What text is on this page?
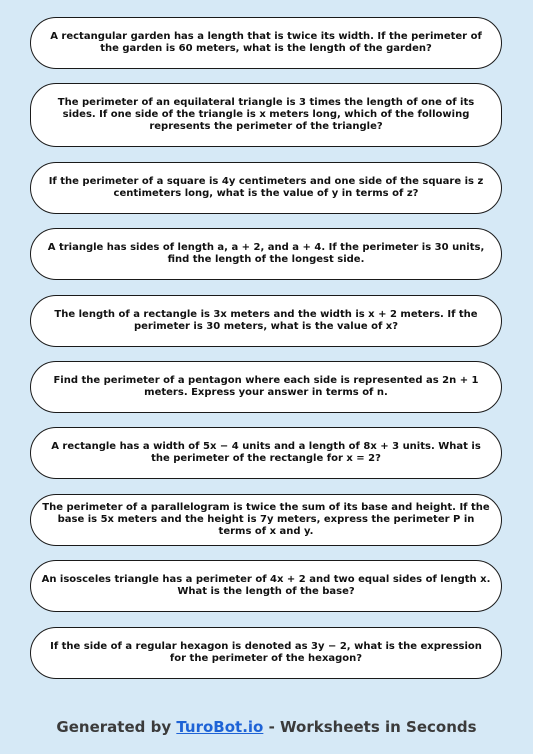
A rectangular garden has a length that is twice its width. If the perimeter of the garden is 60 meters, what is the length of the garden?
The perimeter of an equilateral triangle is 3 times the length of one of its sides. If one side of the triangle is x meters long, which of the following represents the perimeter of the triangle?
If the perimeter of a square is 4y centimeters and one side of the square is z centimeters long, what is the value of y in terms of z?
A triangle has sides of length a, a + 2, and a + 4. If the perimeter is 30 units, find the length of the longest side.
The length of a rectangle is 3x meters and the width is x + 2 meters. If the perimeter is 30 meters, what is the value of x?
Find the perimeter of a pentagon where each side is represented as 2n + 1 meters. Express your answer in terms of n.
A rectangle has a width of 5x − 4 units and a length of 8x + 3 units. What is the perimeter of the rectangle for x = 2?
The perimeter of a parallelogram is twice the sum of its base and height. If the base is 5x meters and the height is 7y meters, express the perimeter P in terms of x and y.
An isosceles triangle has a perimeter of 4x + 2 and two equal sides of length x. What is the length of the base?
If the side of a regular hexagon is denoted as 3y − 2, what is the expression for the perimeter of the hexagon?
Generated by TuroBot.io - Worksheets in Seconds
